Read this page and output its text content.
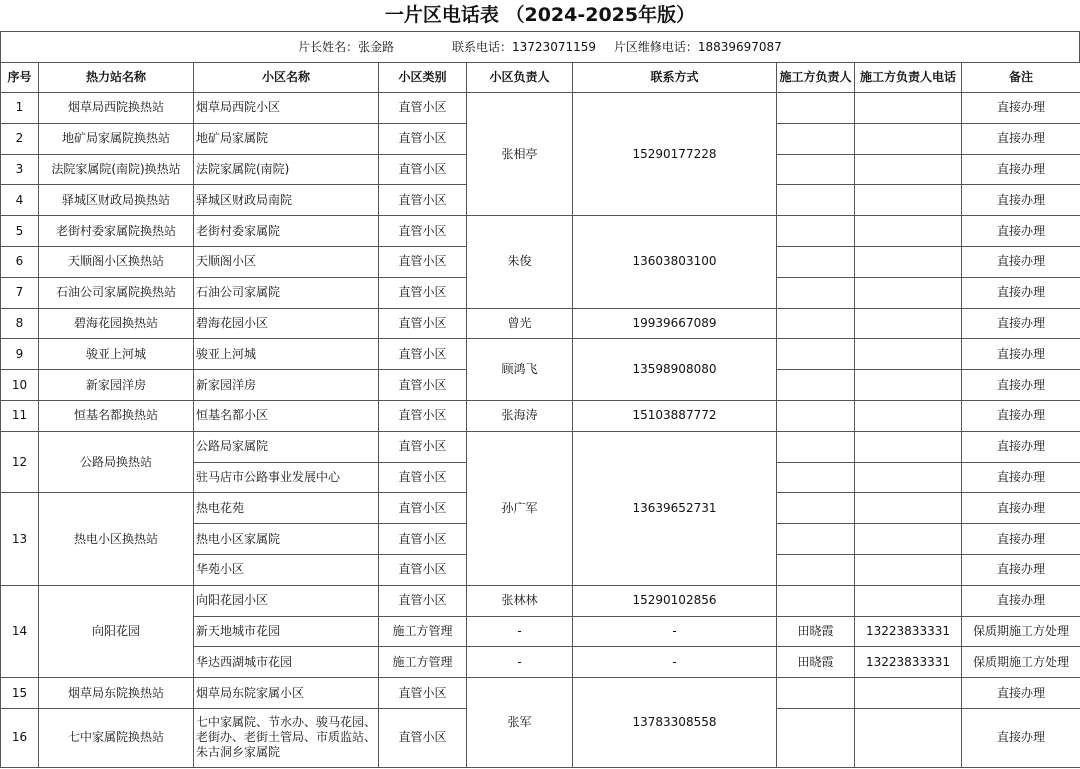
一片区电话表 （2024-2025年版）
片长姓名：张金路	联系电话：13723071159 片区维修电话：18839697087
序号	热力站名称	小区名称	小区类别	小区负责人	联系方式	施工方负责人	施工方负责人电话	备注
1	烟草局西院换热站	烟草局西院小区	直管小区	张相亭	15290177228			直接办理
2	地矿局家属院换热站	地矿局家属院	直管小区					直接办理
3	法院家属院(南院)换热站	法院家属院(南院)	直管小区					直接办理
4	驿城区财政局换热站	驿城区财政局南院	直管小区					直接办理
5	老街村委家属院换热站	老街村委家属院	直管小区	朱俊	13603803100			直接办理
6	天顺阁小区换热站	天顺阁小区	直管小区					直接办理
7	石油公司家属院换热站	石油公司家属院	直管小区					直接办理
8	碧海花园换热站	碧海花园小区	直管小区	曾光	19939667089			直接办理
9	骏亚上河城	骏亚上河城	直管小区	顾鸿飞	13598908080			直接办理
10	新家园洋房	新家园洋房	直管小区					直接办理
11	恒基名都换热站	恒基名都小区	直管小区	张海涛	15103887772			直接办理
12	公路局换热站	公路局家属院	直管小区	孙广军	13639652731			直接办理
		驻马店市公路事业发展中心	直管小区					直接办理
13	热电小区换热站	热电花苑	直管小区					直接办理
		热电小区家属院	直管小区					直接办理
		华苑小区	直管小区					直接办理
14	向阳花园	向阳花园小区	直管小区	张林林	15290102856			直接办理
		新天地城市花园	施工方管理	-	-	田晓霞	13223833331	保质期施工方处理
		华达西湖城市花园	施工方管理	-	-	田晓霞	13223833331	保质期施工方处理
15	烟草局东院换热站	烟草局东院家属小区	直管小区	张军	13783308558			直接办理
16	七中家属院换热站	七中家属院、节水办、骏马花园、老街办、老街土管局、市质监站、朱古洞乡家属院	直管小区					直接办理
